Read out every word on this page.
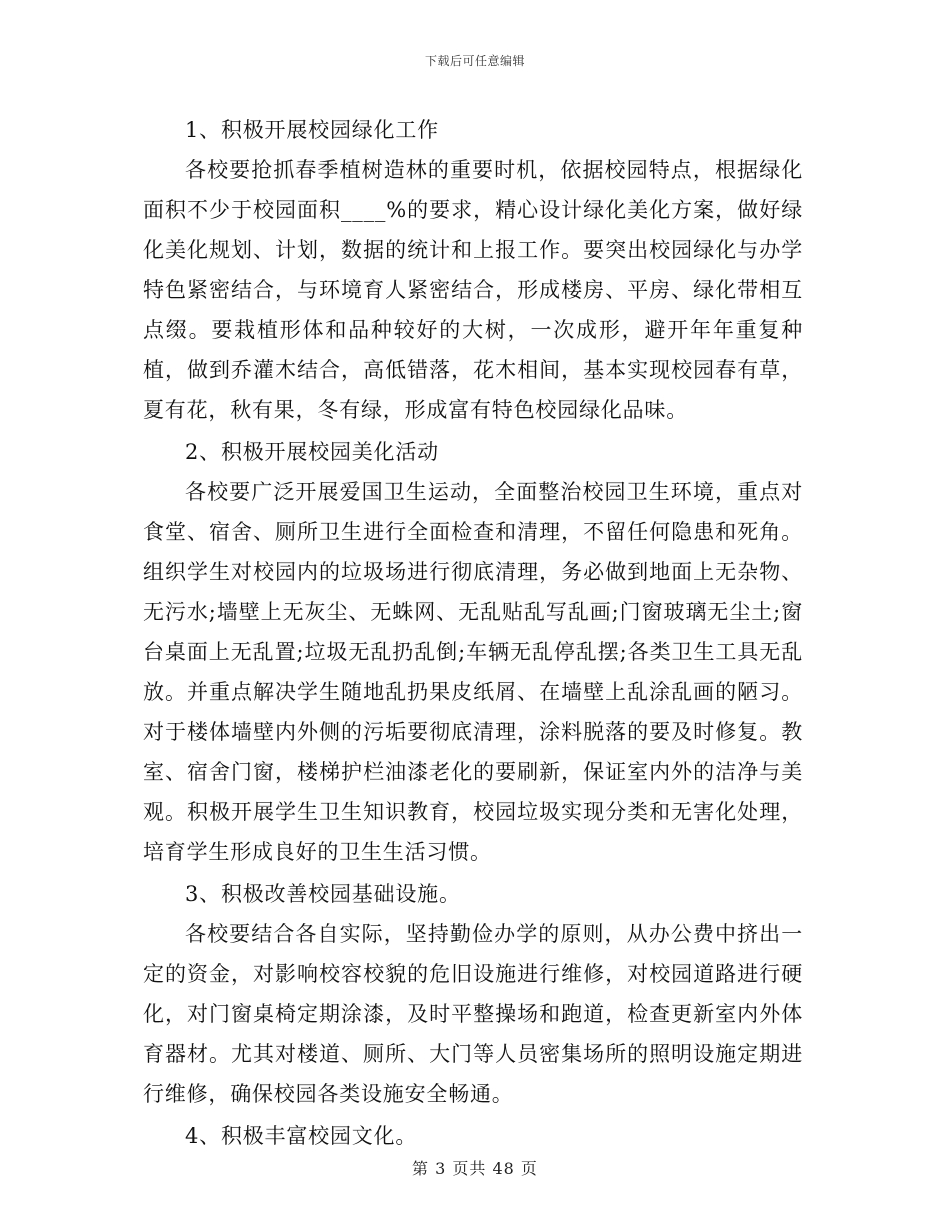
下载后可任意编辑

1、积极开展校园绿化工作

各校要抢抓春季植树造林的重要时机，依据校园特点，根据绿化面积不少于校园面积____%的要求，精心设计绿化美化方案，做好绿化美化规划、计划，数据的统计和上报工作。要突出校园绿化与办学特色紧密结合，与环境育人紧密结合，形成楼房、平房、绿化带相互点缀。要栽植形体和品种较好的大树，一次成形，避开年年重复种植，做到乔灌木结合，高低错落，花木相间，基本实现校园春有草，夏有花，秋有果，冬有绿，形成富有特色校园绿化品味。

2、积极开展校园美化活动

各校要广泛开展爱国卫生运动，全面整治校园卫生环境，重点对食堂、宿舍、厕所卫生进行全面检查和清理，不留任何隐患和死角。组织学生对校园内的垃圾场进行彻底清理，务必做到地面上无杂物、无污水;墙壁上无灰尘、无蛛网、无乱贴乱写乱画;门窗玻璃无尘土;窗台桌面上无乱置;垃圾无乱扔乱倒;车辆无乱停乱摆;各类卫生工具无乱放。并重点解决学生随地乱扔果皮纸屑、在墙壁上乱涂乱画的陋习。对于楼体墙壁内外侧的污垢要彻底清理，涂料脱落的要及时修复。教室、宿舍门窗，楼梯护栏油漆老化的要刷新，保证室内外的洁净与美观。积极开展学生卫生知识教育，校园垃圾实现分类和无害化处理，培育学生形成良好的卫生生活习惯。

3、积极改善校园基础设施。

各校要结合各自实际，坚持勤俭办学的原则，从办公费中挤出一定的资金，对影响校容校貌的危旧设施进行维修，对校园道路进行硬化，对门窗桌椅定期涂漆，及时平整操场和跑道，检查更新室内外体育器材。尤其对楼道、厕所、大门等人员密集场所的照明设施定期进行维修，确保校园各类设施安全畅通。

4、积极丰富校园文化。

第 3 页共 48 页
